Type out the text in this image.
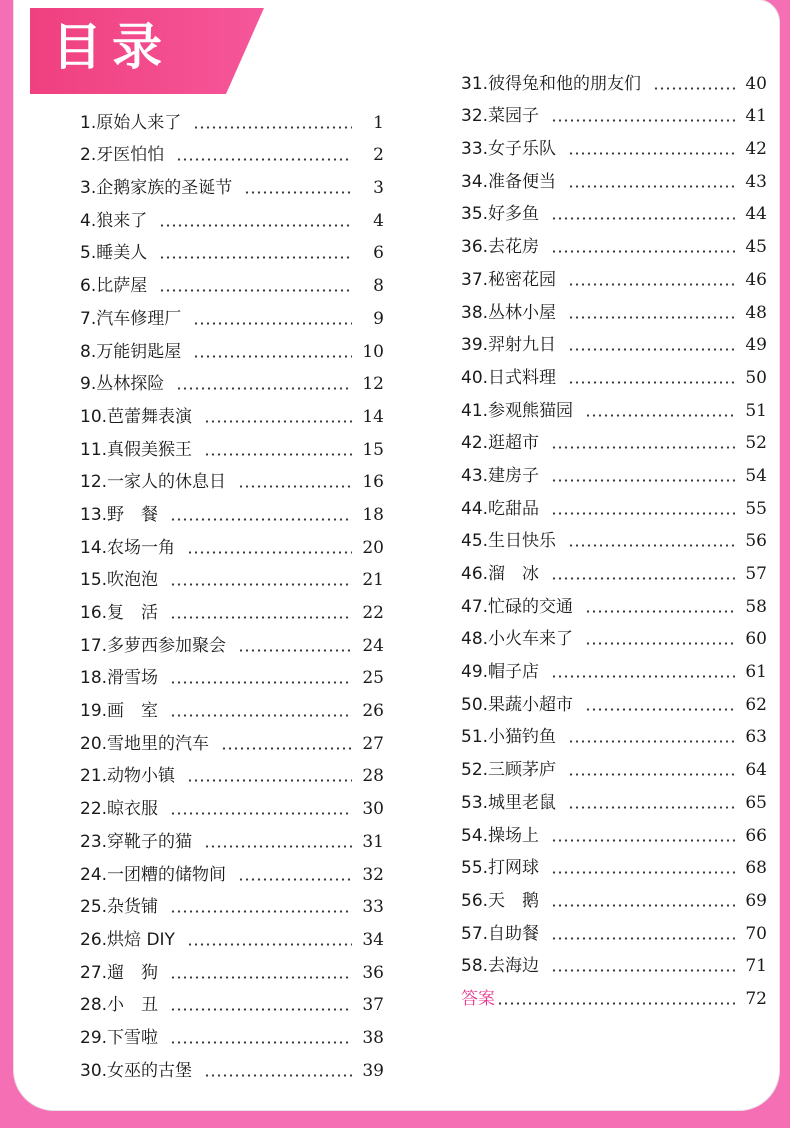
目录
1.原始人来了	1
2.牙医怕怕	2
3.企鹅家族的圣诞节	3
4.狼来了	4
5.睡美人	6
6.比萨屋	8
7.汽车修理厂	9
8.万能钥匙屋	10
9.丛林探险	12
10.芭蕾舞表演	14
11.真假美猴王	15
12.一家人的休息日	16
13.野　餐	18
14.农场一角	20
15.吹泡泡	21
16.复　活	22
17.多萝西参加聚会	24
18.滑雪场	25
19.画　室	26
20.雪地里的汽车	27
21.动物小镇	28
22.晾衣服	30
23.穿靴子的猫	31
24.一团糟的储物间	32
25.杂货铺	33
26.烘焙 DIY	34
27.遛　狗	36
28.小　丑	37
29.下雪啦	38
30.女巫的古堡	39
31.彼得兔和他的朋友们	40
32.菜园子	41
33.女子乐队	42
34.准备便当	43
35.好多鱼	44
36.去花房	45
37.秘密花园	46
38.丛林小屋	48
39.羿射九日	49
40.日式料理	50
41.参观熊猫园	51
42.逛超市	52
43.建房子	54
44.吃甜品	55
45.生日快乐	56
46.溜　冰	57
47.忙碌的交通	58
48.小火车来了	60
49.帽子店	61
50.果蔬小超市	62
51.小猫钓鱼	63
52.三顾茅庐	64
53.城里老鼠	65
54.操场上	66
55.打网球	68
56.天　鹅	69
57.自助餐	70
58.去海边	71
答案	72
